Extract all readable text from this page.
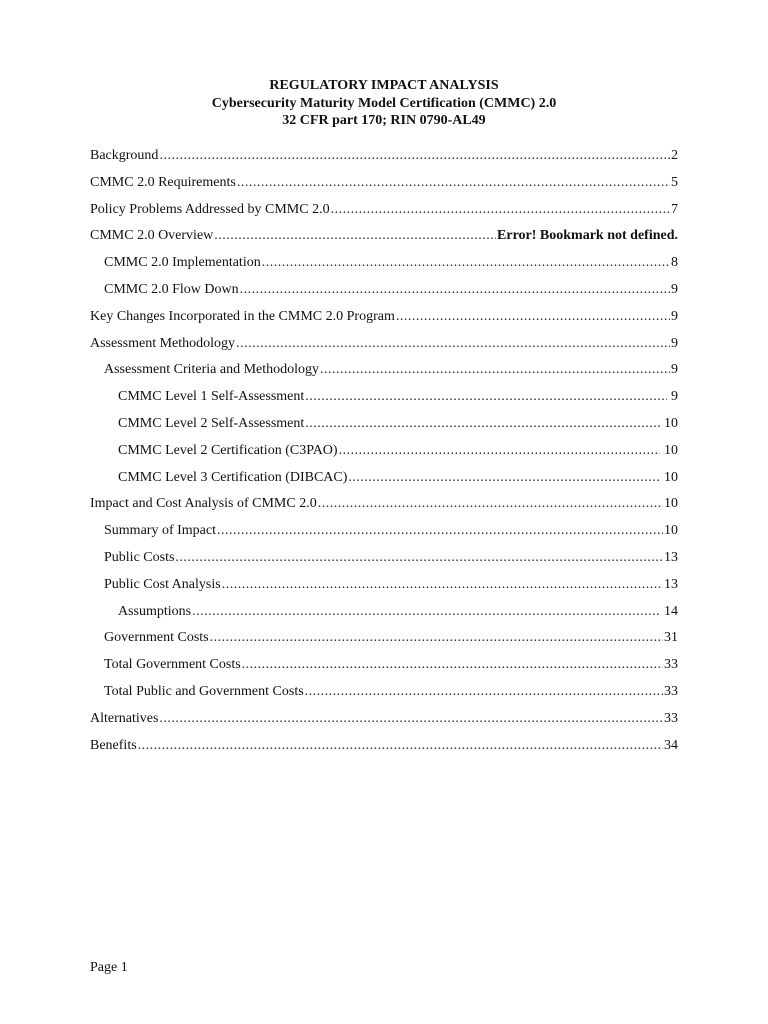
REGULATORY IMPACT ANALYSIS
Cybersecurity Maturity Model Certification (CMMC) 2.0
32 CFR part 170; RIN 0790-AL49
Background .....	2
CMMC 2.0 Requirements .....	5
Policy Problems Addressed by CMMC 2.0 .....	7
CMMC 2.0 Overview .....	Error! Bookmark not defined.
CMMC 2.0 Implementation .....	8
CMMC 2.0 Flow Down .....	9
Key Changes Incorporated in the CMMC 2.0 Program .....	9
Assessment Methodology .....	9
Assessment Criteria and Methodology .....	9
CMMC Level 1 Self-Assessment .....	9
CMMC Level 2 Self-Assessment .....	10
CMMC Level 2 Certification (C3PAO) .....	10
CMMC Level 3 Certification (DIBCAC) .....	10
Impact and Cost Analysis of CMMC 2.0 .....	10
Summary of Impact .....	10
Public Costs .....	13
Public Cost Analysis .....	13
Assumptions .....	14
Government Costs .....	31
Total Government Costs .....	33
Total Public and Government Costs .....	33
Alternatives .....	33
Benefits .....	34
Page 1
